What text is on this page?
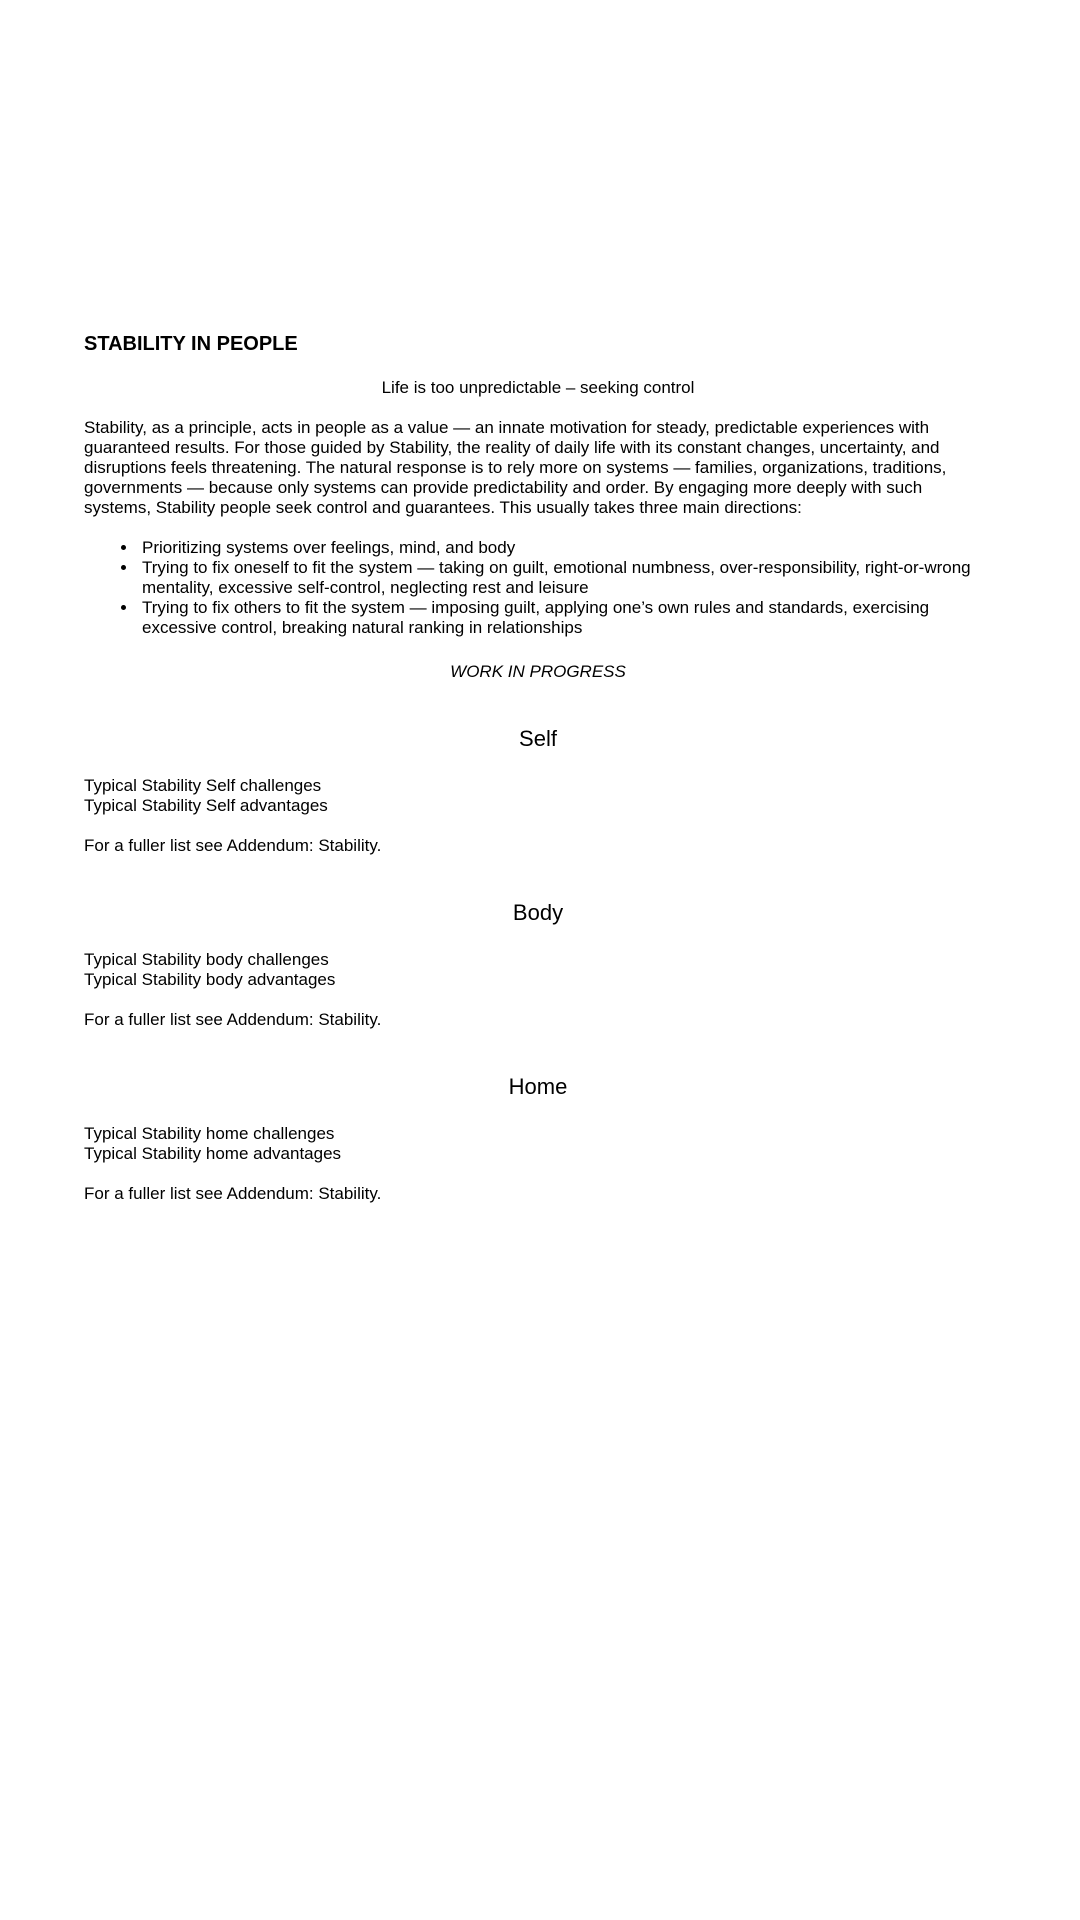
STABILITY IN PEOPLE

Life is too unpredictable – seeking control

Stability, as a principle, acts in people as a value — an innate motivation for steady, predictable experiences with guaranteed results. For those guided by Stability, the reality of daily life with its constant changes, uncertainty, and disruptions feels threatening. The natural response is to rely more on systems — families, organizations, traditions, governments — because only systems can provide predictability and order. By engaging more deeply with such systems, Stability people seek control and guarantees. This usually takes three main directions:

• Prioritizing systems over feelings, mind, and body
• Trying to fix oneself to fit the system — taking on guilt, emotional numbness, over-responsibility, right-or-wrong mentality, excessive self-control, neglecting rest and leisure
• Trying to fix others to fit the system — imposing guilt, applying one’s own rules and standards, exercising excessive control, breaking natural ranking in relationships

WORK IN PROGRESS

Self

Typical Stability Self challenges

Typical Stability Self advantages

For a fuller list see Addendum: Stability.

Body

Typical Stability body challenges

Typical Stability body advantages

For a fuller list see Addendum: Stability.

Home

Typical Stability home challenges

Typical Stability home advantages

For a fuller list see Addendum: Stability.
